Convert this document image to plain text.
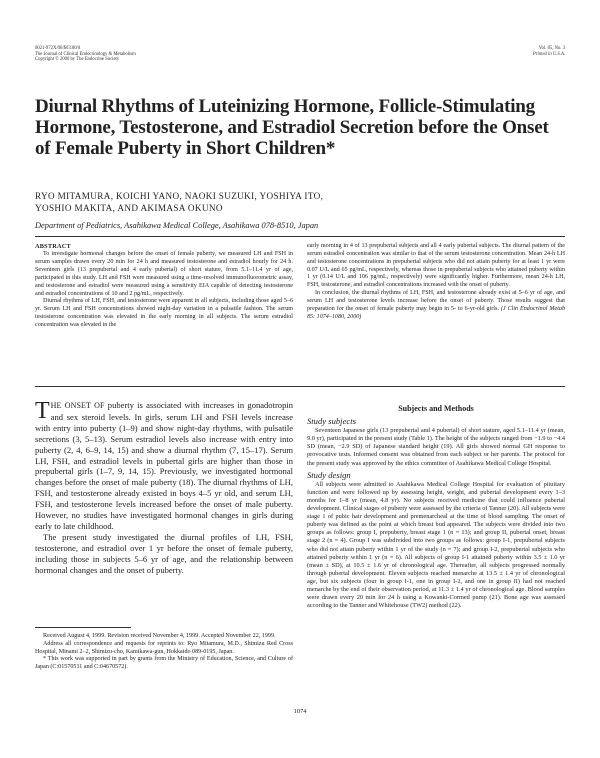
0021-972X/00/$03.00/0
The Journal of Clinical Endocrinology & Metabolism
Copyright © 2000 by The Endocrine Society
Vol. 85, No. 3
Printed in U.S.A.
Diurnal Rhythms of Luteinizing Hormone, Follicle-Stimulating Hormone, Testosterone, and Estradiol Secretion before the Onset of Female Puberty in Short Children*
RYO MITAMURA, KOICHI YANO, NAOKI SUZUKI, YOSHIYA ITO,
YOSHIO MAKITA, AND AKIMASA OKUNO
Department of Pediatrics, Asahikawa Medical College, Asahikawa 078-8510, Japan
ABSTRACT

To investigate hormonal changes before the onset of female puberty, we measured LH and FSH in serum samples drawn every 20 min for 24 h and measured testosterone and estradiol hourly for 24 h. Seventeen girls (13 prepubertal and 4 early pubertal) of short stature, from 5.1–11.4 yr of age, participated in this study. LH and FSH were measured using a time-resolved immunofluorometric assay, and testosterone and estradiol were measured using a sensitivity EIA capable of detecting testosterone and estradiol concentrations of 10 and 2 pg/mL, respectively.

Diurnal rhythms of LH, FSH, and testosterone were apparent in all subjects, including those aged 5–6 yr. Serum LH and FSH concentrations showed night-day variation in a pulsatile fashion. The serum testosterone concentration was elevated in the early morning in all subjects. The serum estradiol concentration was elevated in the

early morning in 4 of 13 prepubertal subjects and all 4 early pubertal subjects. The diurnal pattern of the serum estradiol concentration was similar to that of the serum testosterone concentration. Mean 24-h LH and testosterone concentrations in prepubertal subjects who did not attain puberty for at least 1 yr were 0.07 U/L and 65 pg/mL, respectively, whereas those in prepubertal subjects who attained puberty within 1 yr (0.14 U/L and 106 pg/mL, respectively) were significantly higher. Furthermore, mean 24-h LH, FSH, testosterone, and estradiol concentrations increased with the onset of puberty.

In conclusion, the diurnal rhythms of LH, FSH, and testosterone already exist at 5–6 yr of age, and serum LH and testosterone levels increase before the onset of puberty. Those results suggest that preparation for the onset of female puberty may begin in 5- to 6-yr-old girls. (J Clin Endocrinol Metab 85: 1074–1080, 2000)

THE ONSET OF puberty is associated with increases in gonadotropin and sex steroid levels. In girls, serum LH and FSH levels increase with entry into puberty (1–9) and show night-day rhythms, with pulsatile secretions (3, 5–13). Serum estradiol levels also increase with entry into puberty (2, 4, 6–9, 14, 15) and show a diurnal rhythm (7, 15–17). Serum LH, FSH, and estradiol levels in pubertal girls are higher than those in prepubertal girls (1–7, 9, 14, 15). Previously, we investigated hormonal changes before the onset of male puberty (18). The diurnal rhythms of LH, FSH, and testosterone already existed in boys 4–5 yr old, and serum LH, FSH, and testosterone levels increased before the onset of male puberty. However, no studies have investigated hormonal changes in girls during early to late childhood.

The present study investigated the diurnal profiles of LH, FSH, testosterone, and estradiol over 1 yr before the onset of female puberty, including those in subjects 5–6 yr of age, and the relationship between hormonal changes and the onset of puberty.

Received August 4, 1999. Revision received November 4, 1999. Accepted November 22, 1999.

Address all correspondence and requests for reprints to: Ryo Mitamura, M.D., Shimizu Red Cross Hospital, Minami 2–2, Shimizu-cho, Kamikawa-gun, Hokkaido 089-0195, Japan.

* This work was supported in part by grants from the Ministry of Education, Science, and Culture of Japan (C:01570511 and C:04670572).

Subjects and Methods
Study subjects

Seventeen Japanese girls (13 prepubertal and 4 pubertal) of short stature, aged 5.1–11.4 yr (mean, 9.0 yr), participated in the present study (Table 1). The height of the subjects ranged from −1.9 to −4.4 SD (mean, −2.9 SD) of Japanese standard height (19). All girls showed normal GH response to provocative tests. Informed consent was obtained from each subject or her parents. The protocol for the present study was approved by the ethics committee of Asahikawa Medical College Hospital.

Study design

All subjects were admitted to Asahikawa Medical College Hospital for evaluation of pituitary function and were followed up by assessing height, weight, and pubertal development every 1–3 months for 1–8 yr (mean, 4.8 yr). No subjects received medicine that could influence pubertal development. Clinical stages of puberty were assessed by the criteria of Tanner (20). All subjects were stage 1 of pubic hair development and premenarcheal at the time of blood sampling. The onset of puberty was defined as the point at which breast bud appeared. The subjects were divided into two groups as follows: group I, prepuberty, breast stage 1 (n = 13); and group II, pubertal onset, breast stage 2 (n = 4). Group I was subdivided into two groups as follows: group I-1, prepubertal subjects who did not attain puberty within 1 yr of the study (n = 7); and group I-2, prepubertal subjects who attained puberty within 1 yr (n = 6). All subjects of group I-1 attained puberty within 3.5 ± 1.0 yr (mean ± SD), at 10.5 ± 1.6 yr of chronological age. Thereafter, all subjects progressed normally through pubertal development. Eleven subjects reached menarche at 13.5 ± 1.4 yr of chronological age, but six subjects (four in group I-1, one in group I-2, and one in group II) had not reached menarche by the end of their observation period, at 11.3 ± 1.4 yr of chronological age. Blood samples were drawn every 20 min for 24 h using a Kowanki-Cormed pump (21). Bone age was assessed according to the Tanner and Whitehouse (TW2) method (22).

1074
